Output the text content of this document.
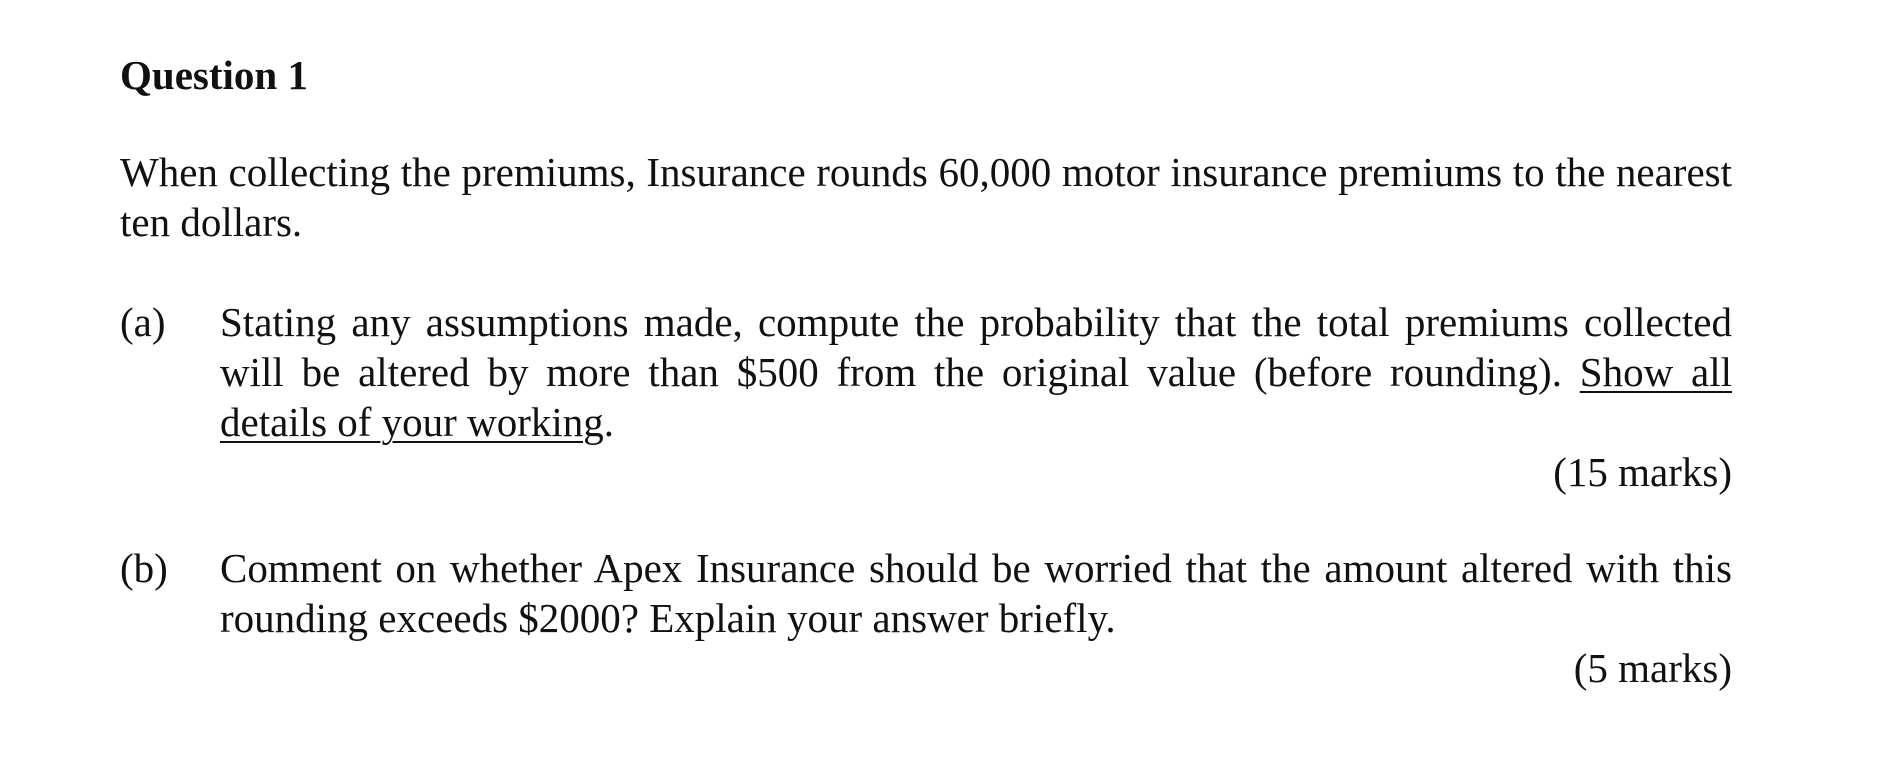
Question 1

When collecting the premiums, Insurance rounds 60,000 motor insurance premiums to the nearest ten dollars.

(a) Stating any assumptions made, compute the probability that the total premiums collected will be altered by more than $500 from the original value (before rounding). Show all details of your working.

(15 marks)
(b) Comment on whether Apex Insurance should be worried that the amount altered with this rounding exceeds $2000? Explain your answer briefly.

(5 marks)
